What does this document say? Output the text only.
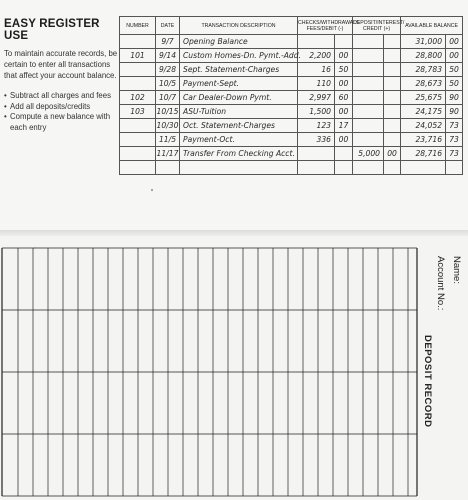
EASY REGISTER USE
To maintain accurate records, be certain to enter all transactions that affect your account balance.
• Subtract all charges and fees
• Add all deposits/credits
• Compute a new balance with each entry
NUMBER	DATE	TRANSACTION DESCRIPTION	CHECKS/WITHDRAWALS FEES/DEBIT (-)		DEPOSIT/INTEREST/ CREDIT (+)		AVAILABLE BALANCE	
	9/7	Opening Balance					31,000	00
101	9/14	Custom Homes-Dn. Pymt.-Add.	2,200	00			28,800	00
	9/28	Sept. Statement-Charges	16	50			28,783	50
	10/5	Payment-Sept.	110	00			28,673	50
102	10/7	Car Dealer-Down Pymt.	2,997	60			25,675	90
103	10/15	ASU-Tuition	1,500	00			24,175	90
	10/30	Oct. Statement-Charges	123	17			24,052	73
	11/5	Payment-Oct.	336	00			23,716	73
	11/17	Transfer From Checking Acct.			5,000	00	28,716	73

Name:
Account No.:
DEPOSIT RECORD
